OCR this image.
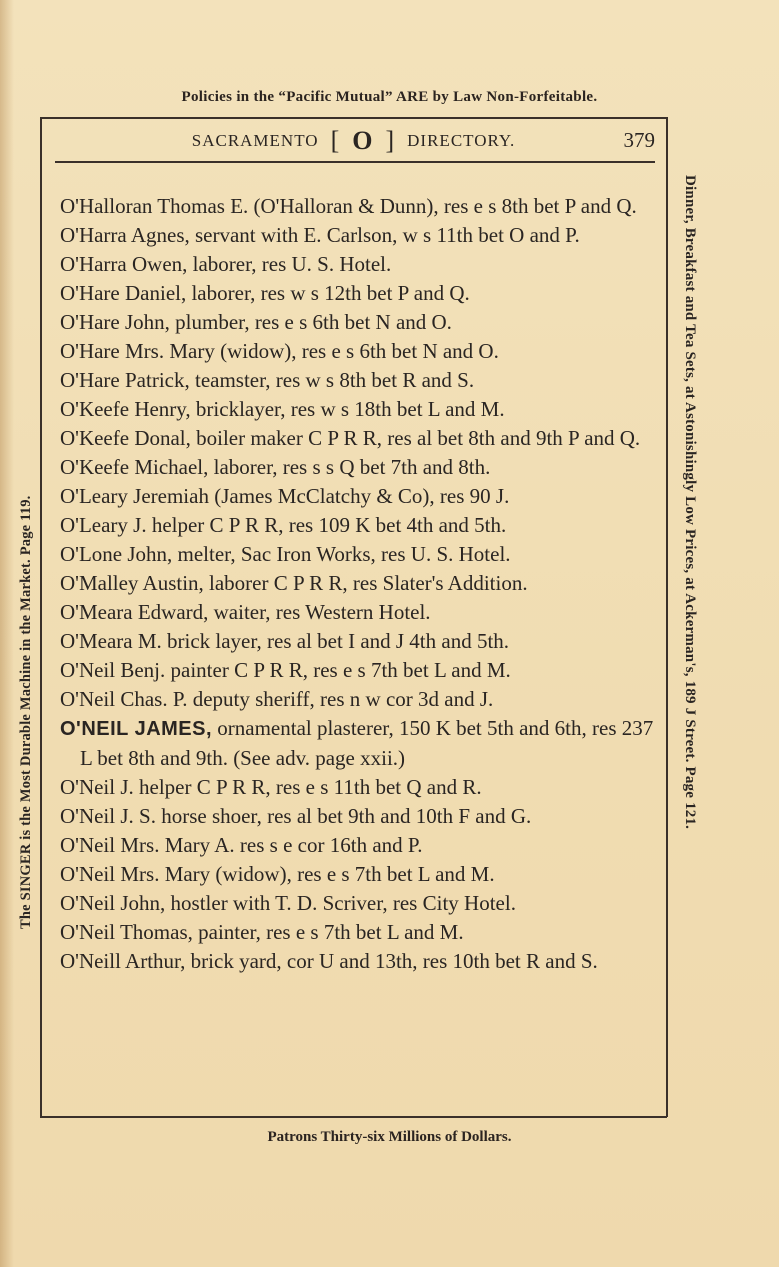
Policies in the “Pacific Mutual” ARE by Law Non-Forfeitable.
SACRAMENTO [ O ] DIRECTORY.	379
The SINGER is the Most Durable Machine in the Market. Page 119.	Dinner, Breakfast and Tea Sets, at Astonishingly Low Prices, at Ackerman's, 189 J Street. Page 121.

O'Halloran Thomas E. (O'Halloran & Dunn), res e s 8th bet P and Q.

O'Harra Agnes, servant with E. Carlson, w s 11th bet O and P.

O'Harra Owen, laborer, res U. S. Hotel.

O'Hare Daniel, laborer, res w s 12th bet P and Q.

O'Hare John, plumber, res e s 6th bet N and O.

O'Hare Mrs. Mary (widow), res e s 6th bet N and O.

O'Hare Patrick, teamster, res w s 8th bet R and S.

O'Keefe Henry, bricklayer, res w s 18th bet L and M.

O'Keefe Donal, boiler maker C P R R, res al bet 8th and 9th P and Q.

O'Keefe Michael, laborer, res s s Q bet 7th and 8th.

O'Leary Jeremiah (James McClatchy & Co), res 90 J.

O'Leary J. helper C P R R, res 109 K bet 4th and 5th.

O'Lone John, melter, Sac Iron Works, res U. S. Hotel.

O'Malley Austin, laborer C P R R, res Slater's Addition.

O'Meara Edward, waiter, res Western Hotel.

O'Meara M. brick layer, res al bet I and J 4th and 5th.

O'Neil Benj. painter C P R R, res e s 7th bet L and M.

O'Neil Chas. P. deputy sheriff, res n w cor 3d and J.

O'NEIL JAMES, ornamental plasterer, 150 K bet 5th and 6th, res 237 L bet 8th and 9th. (See adv. page xxii.)

O'Neil J. helper C P R R, res e s 11th bet Q and R.

O'Neil J. S. horse shoer, res al bet 9th and 10th F and G.

O'Neil Mrs. Mary A. res s e cor 16th and P.

O'Neil Mrs. Mary (widow), res e s 7th bet L and M.

O'Neil John, hostler with T. D. Scriver, res City Hotel.

O'Neil Thomas, painter, res e s 7th bet L and M.

O'Neill Arthur, brick yard, cor U and 13th, res 10th bet R and S.

Patrons Thirty-six Millions of Dollars.
